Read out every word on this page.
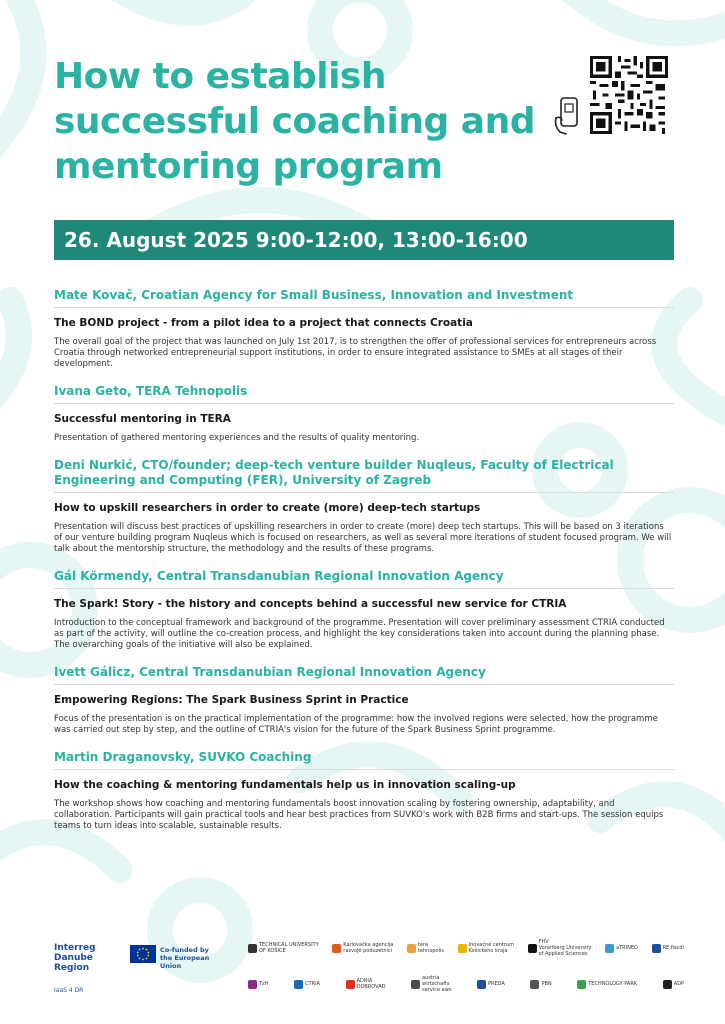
How to establish successful coaching and mentoring program
26. August 2025 9:00-12:00, 13:00-16:00
Mate Kovač, Croatian Agency for Small Business, Innovation and Investment
The BOND project - from a pilot idea to a project that connects Croatia
The overall goal of the project that was launched on July 1st 2017, is to strengthen the offer of professional services for entrepreneurs across Croatia through networked entrepreneurial support institutions, in order to ensure integrated assistance to SMEs at all stages of their development.
Ivana Geto, TERA Tehnopolis
Successful mentoring in TERA
Presentation of gathered mentoring experiences and the results of quality mentoring.
Deni Nurkić, CTO/founder; deep-tech venture builder Nuqleus, Faculty of Electrical Engineering and Computing (FER), University of Zagreb
How to upskill researchers in order to create (more) deep-tech startups
Presentation will discuss best practices of upskilling researchers in order to create (more) deep tech startups. This will be based on 3 iterations of our venture building program Nuqleus which is focused on researchers, as well as several more iterations of student focused program. We will talk about the mentorship structure, the methodology and the results of these programs.
Gál Körmendy, Central Transdanubian Regional Innovation Agency
The Spark! Story - the history and concepts behind a successful new service for CTRIA
Introduction to the conceptual framework and background of the programme. Presentation will cover preliminary assessment CTRIA conducted as part of the activity, will outline the co-creation process, and highlight the key considerations taken into account during the planning phase. The overarching goals of the initiative will also be explained.
Ivett Gálicz, Central Transdanubian Regional Innovation Agency
Empowering Regions: The Spark Business Sprint in Practice
Focus of the presentation is on the practical implementation of the programme: how the involved regions were selected, how the programme was carried out step by step, and the outline of CTRIA's vision for the future of the Spark Business Sprint programme.
Martin Draganovsky, SUVKO Coaching
How the coaching & mentoring fundamentals help us in innovation scaling-up
The workshop shows how coaching and mentoring fundamentals boost innovation scaling by fostering ownership, adaptability, and collaboration. Participants will gain practical tools and hear best practices from SUVKO's work with B2B firms and start-ups. The session equips teams to turn ideas into scalable, sustainable results.
Interreg
Danube Region
IaaS 4 DR
Co-funded by
the European Union
TECHNICAL UNIVERSITY
OF KOŠICE
Karlovačka agencija
razvoje poduzetnici
tera
tehnopolis
Inovačné centrum
Košického kraja
FHV
Vorarlberg University
of Applied Sciences
aTRINEO	RE:fiscdi
TzH	CTRIA	ADRIA
DOBROVAD
austria
wirtschafts
service aws
PREDA	PBN	TECHNOLOGY PARK	ADP
